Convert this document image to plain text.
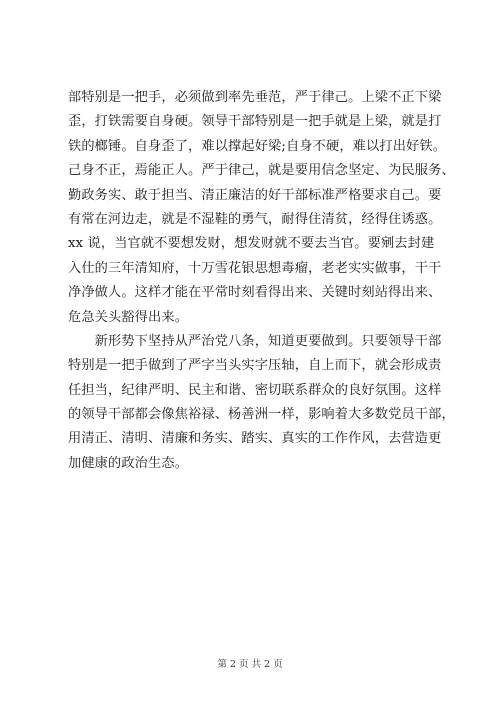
部特别是一把手，必须做到率先垂范，严于律己。上梁不正下梁
歪，打铁需要自身硬。领导干部特别是一把手就是上梁，就是打
铁的榔锤。自身歪了，难以撑起好梁;自身不硬，难以打出好铁。
己身不正，焉能正人。严于律己，就是要用信念坚定、为民服务、
勤政务实、敢于担当、清正廉洁的好干部标准严格要求自己。要
有常在河边走，就是不湿鞋的勇气，耐得住清贫，经得住诱惑。
xx 说，当官就不要想发财，想发财就不要去当官。要剜去封建
入仕的三年清知府，十万雪花银思想毒瘤，老老实实做事，干干
净净做人。这样才能在平常时刻看得出来、关键时刻站得出来、
危急关头豁得出来。

　　新形势下坚持从严治党八条，知道更要做到。只要领导干部
特别是一把手做到了严字当头实字压轴，自上而下，就会形成责
任担当，纪律严明、民主和谐、密切联系群众的良好氛围。这样
的领导干部都会像焦裕禄、杨善洲一样，影响着大多数党员干部，
用清正、清明、清廉和务实、踏实、真实的工作作风，去营造更
加健康的政治生态。

第 2 页 共 2 页
